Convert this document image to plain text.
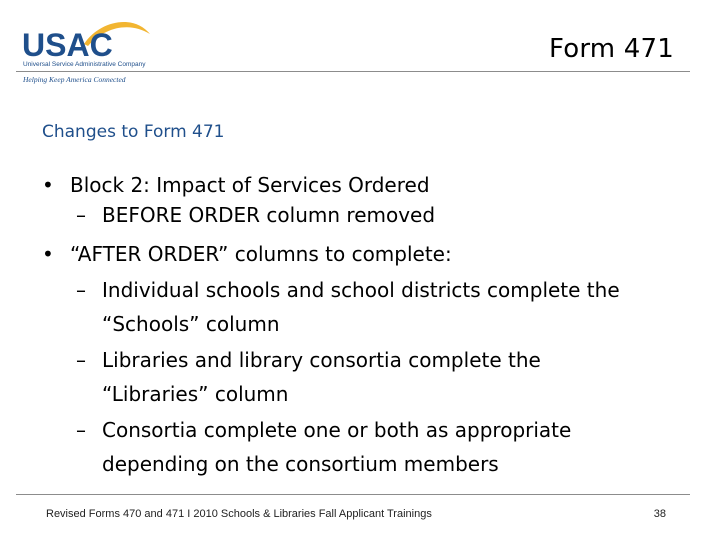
USAC
Universal Service Administrative Company
Helping Keep America Connected
Form 471
Changes to Form 471
• Block 2: Impact of Services Ordered
– BEFORE ORDER column removed
• “AFTER ORDER” columns to complete:
– Individual schools and school districts complete the
“Schools” column
– Libraries and library consortia complete the
“Libraries” column
– Consortia complete one or both as appropriate
depending on the consortium members
Revised Forms 470 and 471 I 2010 Schools & Libraries Fall Applicant Trainings	38
